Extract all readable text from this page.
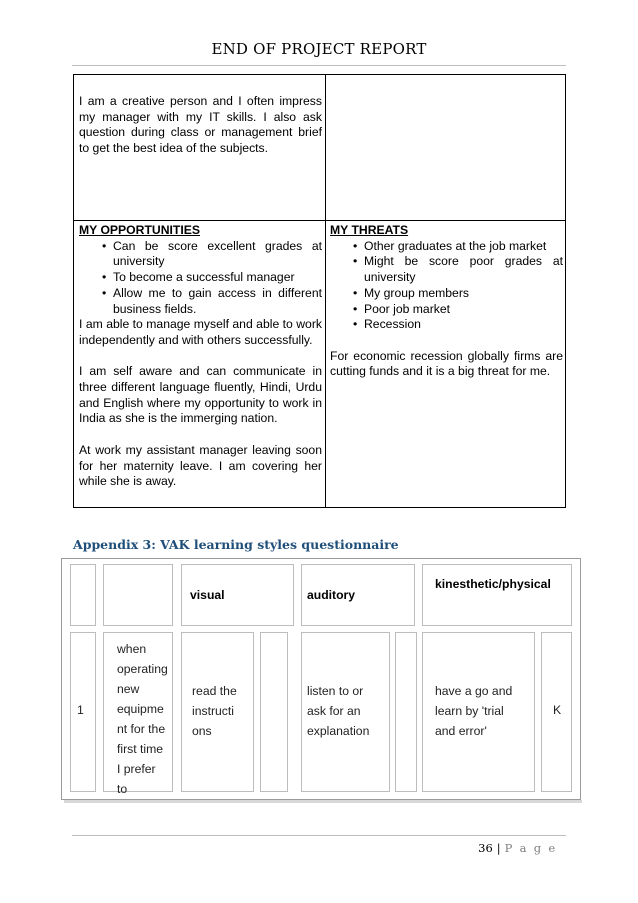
END OF PROJECT REPORT
I am a creative person and I often impress my manager with my IT skills. I also ask question during class or management brief to get the best idea of the subjects.
MY OPPORTUNITIES
• Can be score excellent grades at university
• To become a successful manager
• Allow me to gain access in different business fields.

I am able to manage myself and able to work independently and with others successfully.

I am self aware and can communicate in three different language fluently, Hindi, Urdu and English where my opportunity to work in India as she is the immerging nation.

At work my assistant manager leaving soon for her maternity leave. I am covering her while she is away.

MY THREATS
• Other graduates at the job market
• Might be score poor grades at university
• My group members
• Poor job market
• Recession

For economic recession globally firms are cutting funds and it is a big threat for me.

Appendix 3: VAK learning styles questionnaire
visual	auditory
kinesthetic/physical
1
when
operating
new
equipme
nt for the
first time
I prefer
to
read the
instructi
ons
listen to or
ask for an
explanation
have a go and
learn by 'trial
and error'
K
36 | P a g e
